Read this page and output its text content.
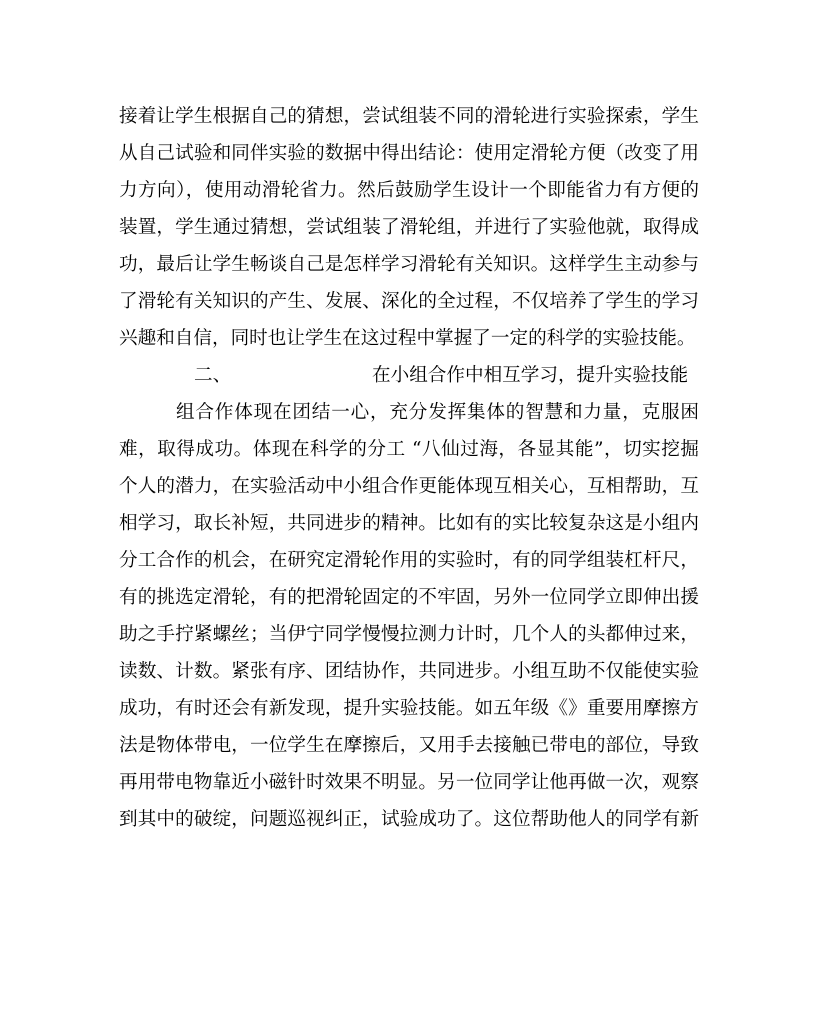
接着让学生根据自己的猜想，尝试组装不同的滑轮进行实验探索，学生
从自己试验和同伴实验的数据中得出结论：使用定滑轮方便（改变了用
力方向），使用动滑轮省力。然后鼓励学生设计一个即能省力有方便的
装置，学生通过猜想，尝试组装了滑轮组，并进行了实验他就，取得成
功，最后让学生畅谈自己是怎样学习滑轮有关知识。这样学生主动参与
了滑轮有关知识的产生、发展、深化的全过程，不仅培养了学生的学习
兴趣和自信，同时也让学生在这过程中掌握了一定的科学的实验技能。
二、	在小组合作中相互学习，提升实验技能
组合作体现在团结一心，充分发挥集体的智慧和力量，克服困
难，取得成功。体现在科学的分工 “八仙过海，各显其能”，切实挖掘
个人的潜力，在实验活动中小组合作更能体现互相关心，互相帮助，互
相学习，取长补短，共同进步的精神。比如有的实比较复杂这是小组内
分工合作的机会，在研究定滑轮作用的实验时，有的同学组装杠杆尺，
有的挑选定滑轮，有的把滑轮固定的不牢固，另外一位同学立即伸出援
助之手拧紧螺丝；当伊宁同学慢慢拉测力计时，几个人的头都伸过来，
读数、计数。紧张有序、团结协作，共同进步。小组互助不仅能使实验
成功，有时还会有新发现，提升实验技能。如五年级《》重要用摩擦方
法是物体带电，一位学生在摩擦后，又用手去接触已带电的部位，导致
再用带电物靠近小磁针时效果不明显。另一位同学让他再做一次，观察
到其中的破绽，问题巡视纠正，试验成功了。这位帮助他人的同学有新
